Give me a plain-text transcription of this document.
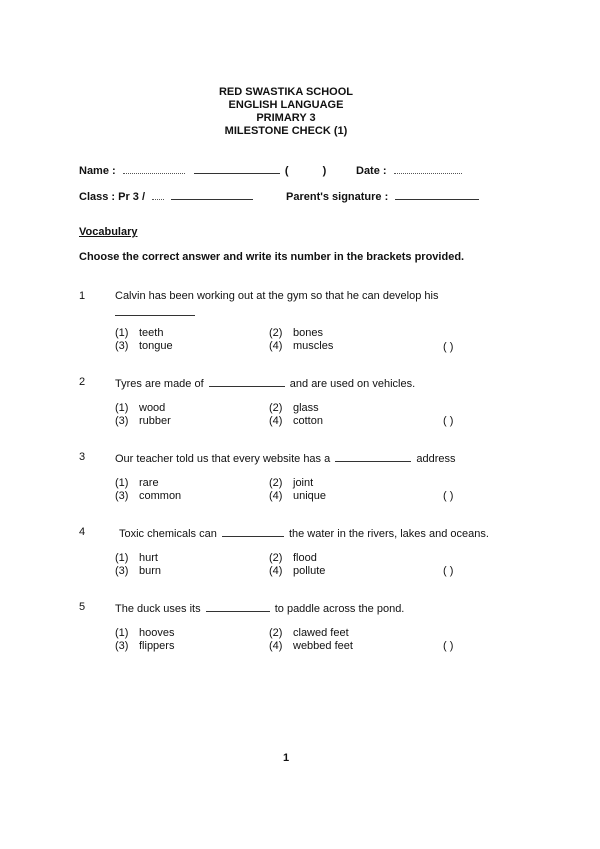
RED SWASTIKA SCHOOL
ENGLISH LANGUAGE
PRIMARY 3
MILESTONE CHECK (1)
Name :	(	)	Date :
Class : Pr 3 /	Parent's signature :
Vocabulary
Choose the correct answer and write its number in the brackets provided.
1	Calvin has been working out at the gym so that he can develop his
(1) teeth	(2) bones
(3) tongue	(4) muscles	( )
2	Tyres are made of	and are used on vehicles.
(1) wood	(2) glass
(3) rubber	(4) cotton	( )
3	Our teacher told us that every website has a	address
(1) rare	(2) joint
(3) common	(4) unique	( )
4	Toxic chemicals can	the water in the rivers, lakes and oceans.
(1) hurt	(2) flood
(3) burn	(4) pollute	( )
5	The duck uses its	to paddle across the pond.
(1) hooves	(2) clawed feet
(3) flippers	(4) webbed feet	( )
1
